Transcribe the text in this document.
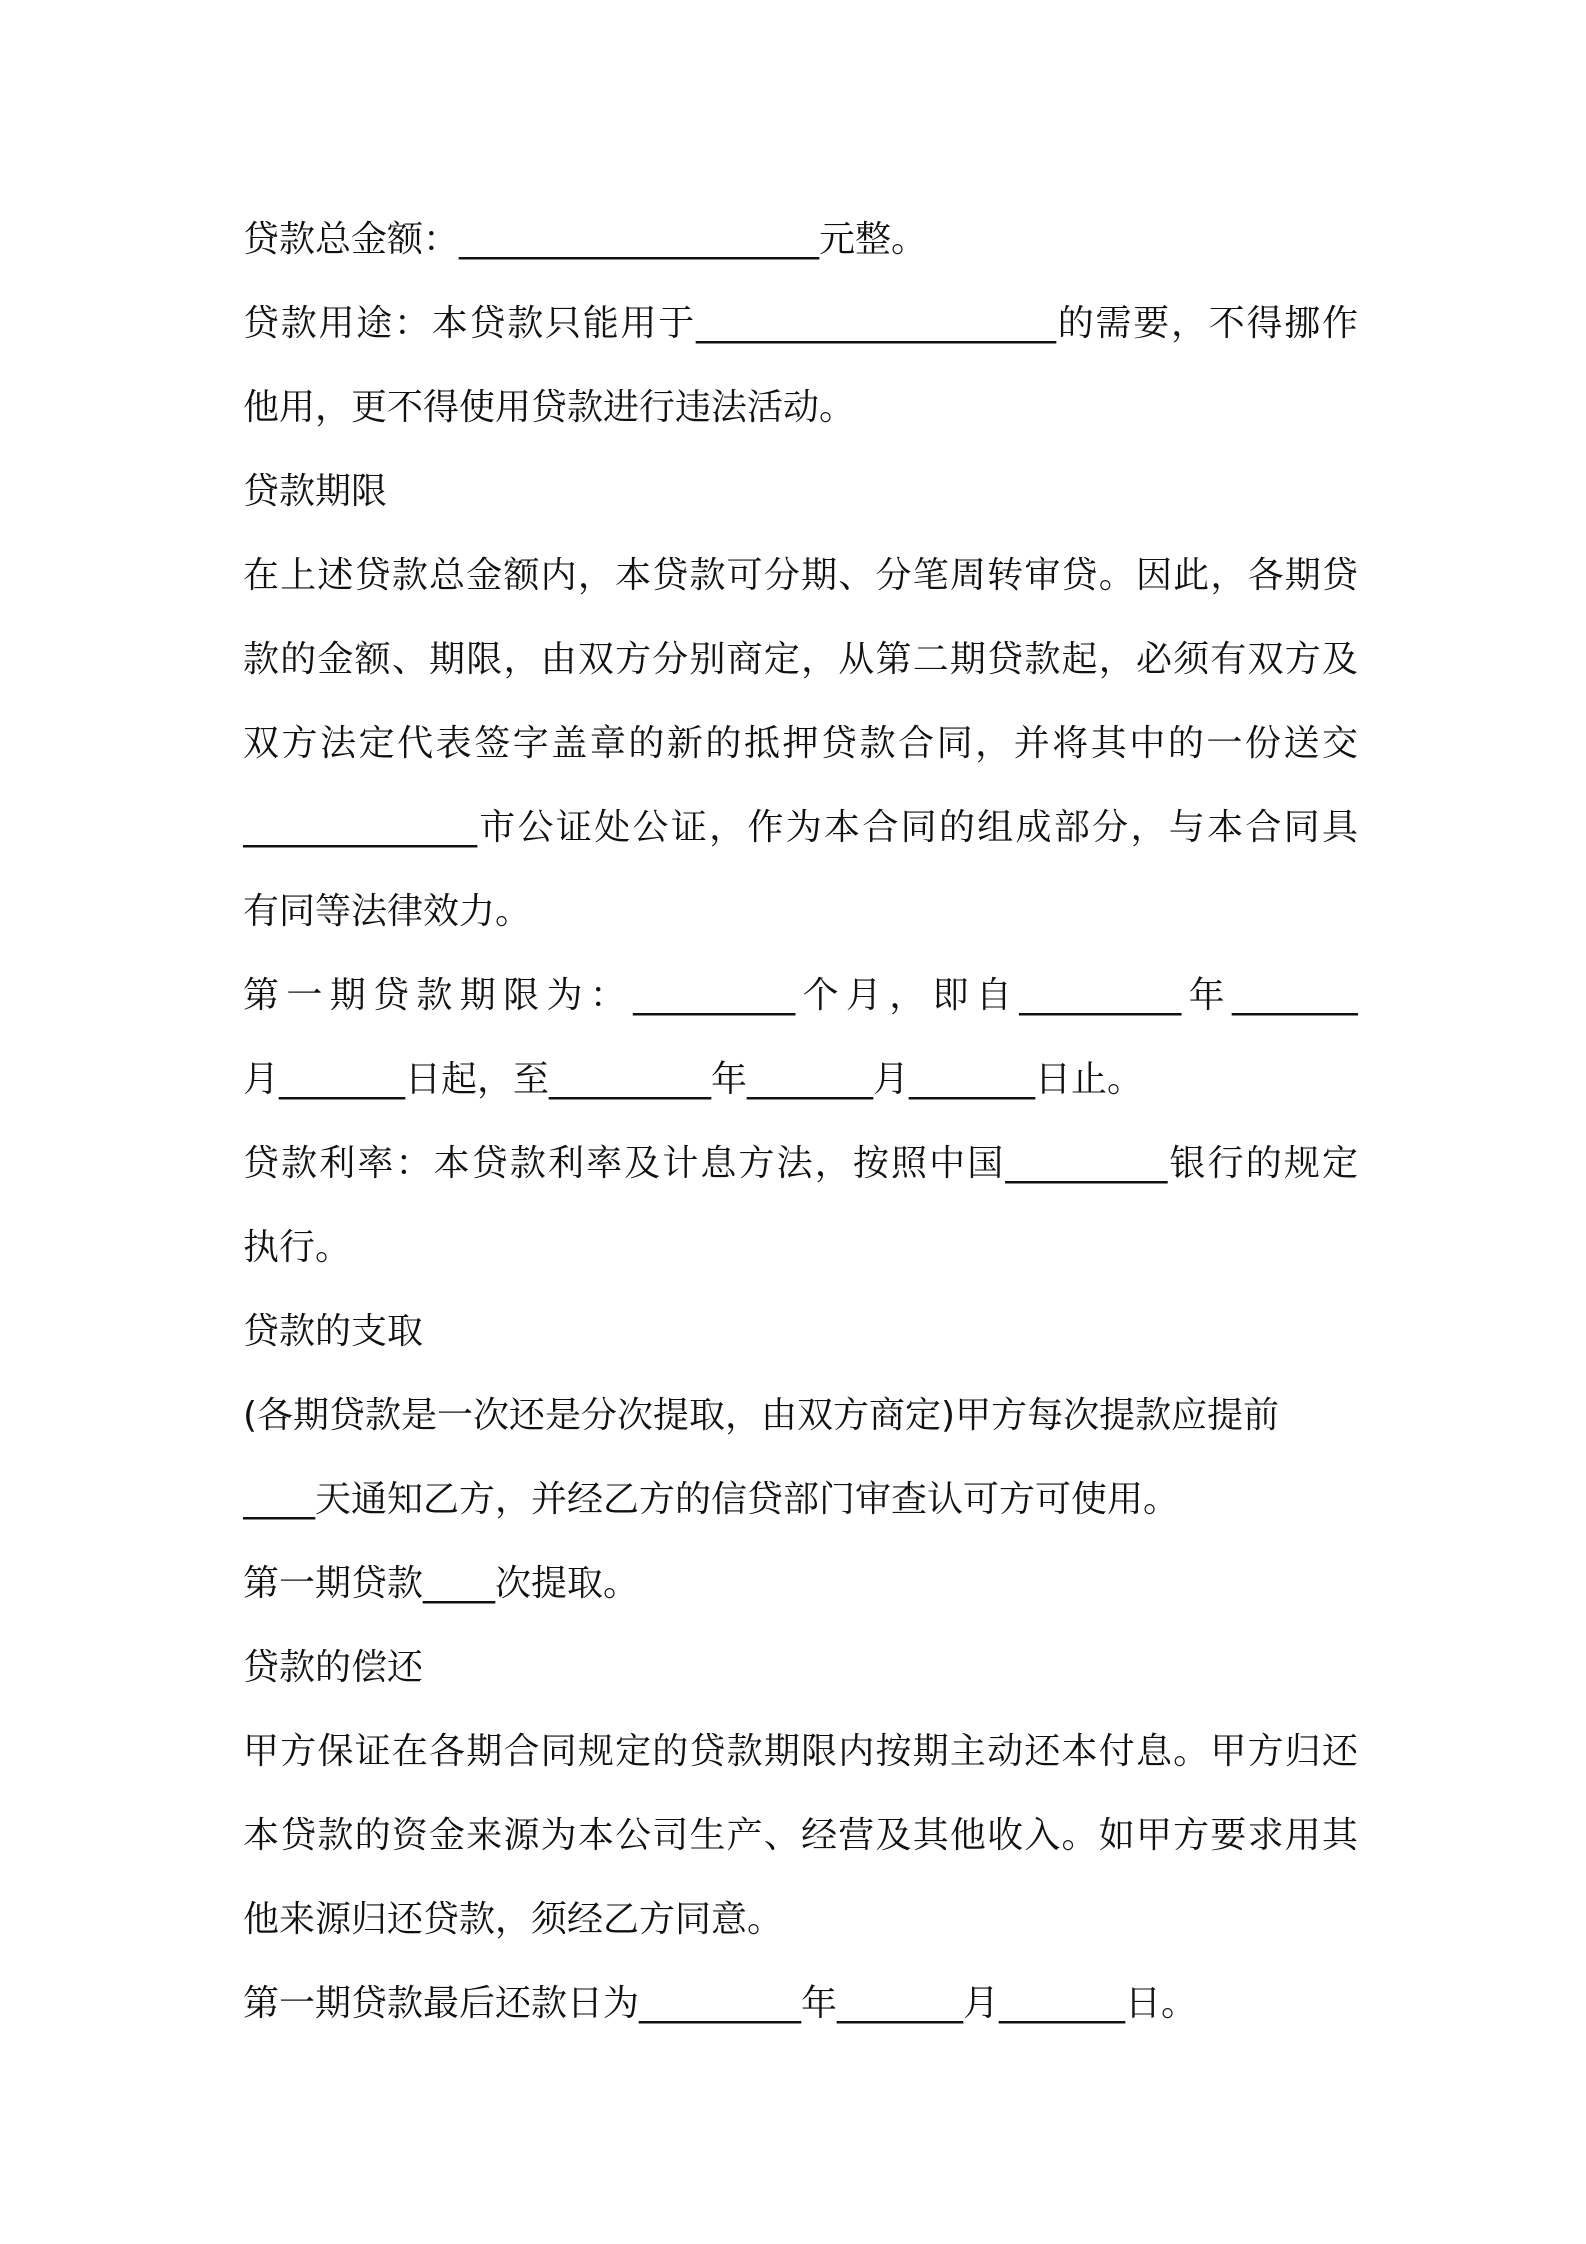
贷款总金额：____________________元整。
贷款用途：本贷款只能用于____________________的需要，不得挪作
他用，更不得使用贷款进行违法活动。
贷款期限
在上述贷款总金额内，本贷款可分期、分笔周转审贷。因此，各期贷
款的金额、期限，由双方分别商定，从第二期贷款起，必须有双方及
双方法定代表签字盖章的新的抵押贷款合同，并将其中的一份送交
_____________市公证处公证，作为本合同的组成部分，与本合同具
有同等法律效力。
第一期贷款期限为：_________个月，即自_________年_______
月_______日起，至_________年_______月_______日止。
贷款利率：本贷款利率及计息方法，按照中国_________银行的规定
执行。
贷款的支取
(各期贷款是一次还是分次提取，由双方商定)甲方每次提款应提前
____天通知乙方，并经乙方的信贷部门审查认可方可使用。
第一期贷款____次提取。
贷款的偿还
甲方保证在各期合同规定的贷款期限内按期主动还本付息。甲方归还
本贷款的资金来源为本公司生产、经营及其他收入。如甲方要求用其
他来源归还贷款，须经乙方同意。
第一期贷款最后还款日为_________年_______月_______日。
